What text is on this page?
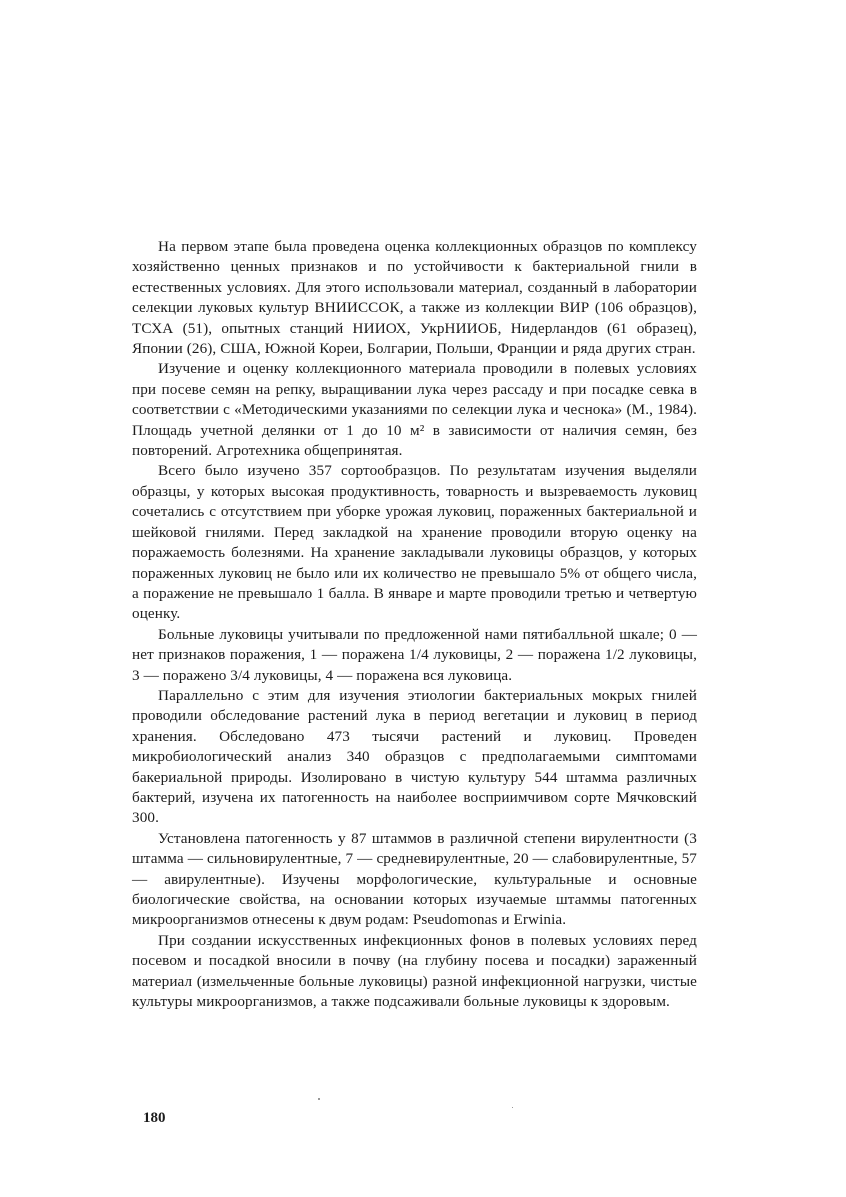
На первом этапе была проведена оценка коллекционных образцов по комплексу хозяйственно ценных признаков и по устойчивости к бактериальной гнили в естественных условиях. Для этого использовали материал, созданный в лаборатории селекции луковых культур ВНИИССОК, а также из коллекции ВИР (106 образцов), ТСХА (51), опытных станций НИИОХ, УкрНИИОБ, Нидерландов (61 образец), Японии (26), США, Южной Кореи, Болгарии, Польши, Франции и ряда других стран.

Изучение и оценку коллекционного материала проводили в полевых условиях при посеве семян на репку, выращивании лука через рассаду и при посадке севка в соответствии с «Методическими указаниями по селекции лука и чеснока» (М., 1984). Площадь учетной делянки от 1 до 10 м² в зависимости от наличия семян, без повторений. Агротехника общепринятая.

Всего было изучено 357 сортообразцов. По результатам изучения выделяли образцы, у которых высокая продуктивность, товарность и вызреваемость луковиц сочетались с отсутствием при уборке урожая луковиц, пораженных бактериальной и шейковой гнилями. Перед закладкой на хранение проводили вторую оценку на поражаемость болезнями. На хранение закладывали луковицы образцов, у которых пораженных луковиц не было или их количество не превышало 5% от общего числа, а поражение не превышало 1 балла. В январе и марте проводили третью и четвертую оценку.

Больные луковицы учитывали по предложенной нами пятибалльной шкале; 0 — нет признаков поражения, 1 — поражена 1/4 луковицы, 2 — поражена 1/2 луковицы, 3 — поражено 3/4 луковицы, 4 — поражена вся луковица.

Параллельно с этим для изучения этиологии бактериальных мокрых гнилей проводили обследование растений лука в период вегетации и луковиц в период хранения. Обследовано 473 тысячи растений и луковиц. Проведен микробиологический анализ 340 образцов с предполагаемыми симптомами бакериальной природы. Изолировано в чистую культуру 544 штамма различных бактерий, изучена их патогенность на наиболее восприимчивом сорте Мячковский 300.

Установлена патогенность у 87 штаммов в различной степени вирулентности (3 штамма — сильновирулентные, 7 — средневирулентные, 20 — слабовирулентные, 57 — авирулентные). Изучены морфологические, культуральные и основные биологические свойства, на основании которых изучаемые штаммы патогенных микроорганизмов отнесены к двум родам: Pseudomonas и Erwinia.

При создании искусственных инфекционных фонов в полевых условиях перед посевом и посадкой вносили в почву (на глубину посева и посадки) зараженный материал (измельченные больные луковицы) разной инфекционной нагрузки, чистые культуры микроорганизмов, а также подсаживали больные луковицы к здоровым.

180
